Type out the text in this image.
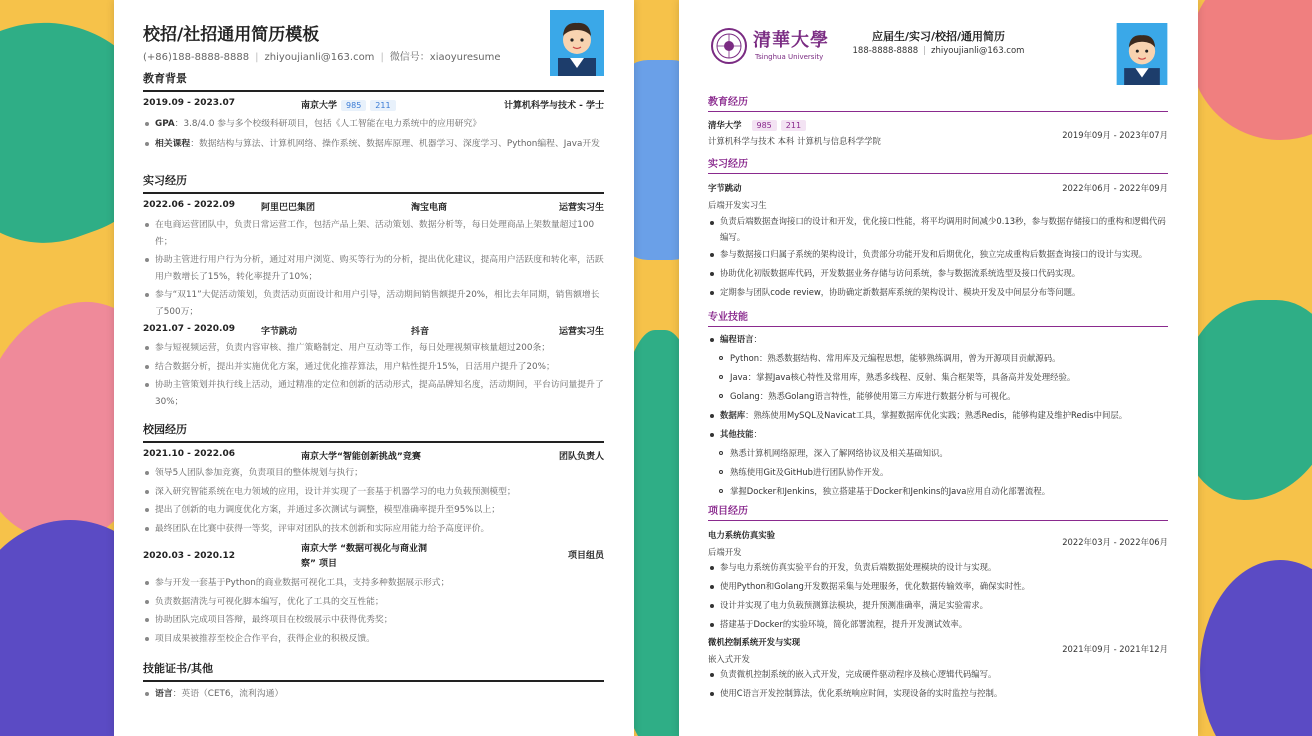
校招/社招通用简历模板
(+86)188-8888-8888 | zhiyoujianli@163.com | 微信号：xiaoyuresume
教育背景
2019.09 - 2023.07	南京大学 985 211	计算机科学与技术 - 学士
GPA：3.8/4.0 参与多个校级科研项目，包括《人工智能在电力系统中的应用研究》
相关课程：数据结构与算法、计算机网络、操作系统、数据库原理、机器学习、深度学习、Python编程、Java开发
实习经历
2022.06 - 2022.09	阿里巴巴集团	淘宝电商	运营实习生
在电商运营团队中，负责日常运营工作，包括产品上架、活动策划、数据分析等，每日处理商品上架数量超过100件；
协助主管进行用户行为分析，通过对用户浏览、购买等行为的分析，提出优化建议，提高用户活跃度和转化率，活跃用户数增长了15%，转化率提升了10%；
参与“双11”大促活动策划，负责活动页面设计和用户引导，活动期间销售额提升20%，相比去年同期，销售额增长了500万；
2021.07 - 2020.09	字节跳动	抖音	运营实习生
参与短视频运营，负责内容审核、推广策略制定、用户互动等工作，每日处理视频审核量超过200条；
结合数据分析，提出并实施优化方案，通过优化推荐算法，用户粘性提升15%，日活用户提升了20%；
协助主管策划并执行线上活动，通过精准的定位和创新的活动形式，提高品牌知名度，活动期间，平台访问量提升了30%；
校园经历
2021.10 - 2022.06	南京大学“智能创新挑战”竞赛	团队负责人
领导5人团队参加竞赛，负责项目的整体规划与执行；
深入研究智能系统在电力领域的应用，设计并实现了一套基于机器学习的电力负载预测模型；
提出了创新的电力调度优化方案，并通过多次测试与调整，模型准确率提升至95%以上；
最终团队在比赛中获得一等奖，评审对团队的技术创新和实际应用能力给予高度评价。
2020.03 - 2020.12
南京大学 “数据可视化与商业洞察” 项目
项目组员
参与开发一套基于Python的商业数据可视化工具，支持多种数据展示形式；
负责数据清洗与可视化脚本编写，优化了工具的交互性能；
协助团队完成项目答辩，最终项目在校级展示中获得优秀奖；
项目成果被推荐至校企合作平台，获得企业的积极反馈。
技能证书/其他
语言：英语（CET6，流利沟通）
清華大學
Tsinghua University
应届生/实习/校招/通用简历
188-8888-8888 | zhiyoujianli@163.com
教育经历
清华大学 985 211
计算机科学与技术 本科 计算机与信息科学学院
2019年09月 - 2023年07月
实习经历
字节跳动	2022年06月 - 2022年09月
后端开发实习生
负责后端数据查询接口的设计和开发，优化接口性能，将平均调用时间减少0.13秒，参与数据存储接口的重构和逻辑代码编写。
参与数据接口归属子系统的架构设计，负责部分功能开发和后期优化，独立完成重构后数据查询接口的设计与实现。
协助优化初版数据库代码，开发数据业务存储与访问系统，参与数据流系统选型及接口代码实现。
定期参与团队code review，协助确定新数据库系统的架构设计、模块开发及中间层分布等问题。
专业技能
编程语言：
Python：熟悉数据结构、常用库及元编程思想，能够熟练调用，曾为开源项目贡献源码。
Java：掌握Java核心特性及常用库，熟悉多线程、反射、集合框架等，具备高并发处理经验。
Golang：熟悉Golang语言特性，能够使用第三方库进行数据分析与可视化。
数据库：熟练使用MySQL及Navicat工具，掌握数据库优化实践；熟悉Redis，能够构建及维护Redis中间层。
其他技能：
熟悉计算机网络原理，深入了解网络协议及相关基础知识。
熟练使用Git及GitHub进行团队协作开发。
掌握Docker和Jenkins，独立搭建基于Docker和Jenkins的Java应用自动化部署流程。
项目经历
电力系统仿真实验
后端开发
2022年03月 - 2022年06月
参与电力系统仿真实验平台的开发，负责后端数据处理模块的设计与实现。
使用Python和Golang开发数据采集与处理服务，优化数据传输效率，确保实时性。
设计并实现了电力负载预测算法模块，提升预测准确率，满足实验需求。
搭建基于Docker的实验环境，简化部署流程，提升开发测试效率。
微机控制系统开发与实现
嵌入式开发
2021年09月 - 2021年12月
负责微机控制系统的嵌入式开发，完成硬件驱动程序及核心逻辑代码编写。
使用C语言开发控制算法，优化系统响应时间，实现设备的实时监控与控制。
